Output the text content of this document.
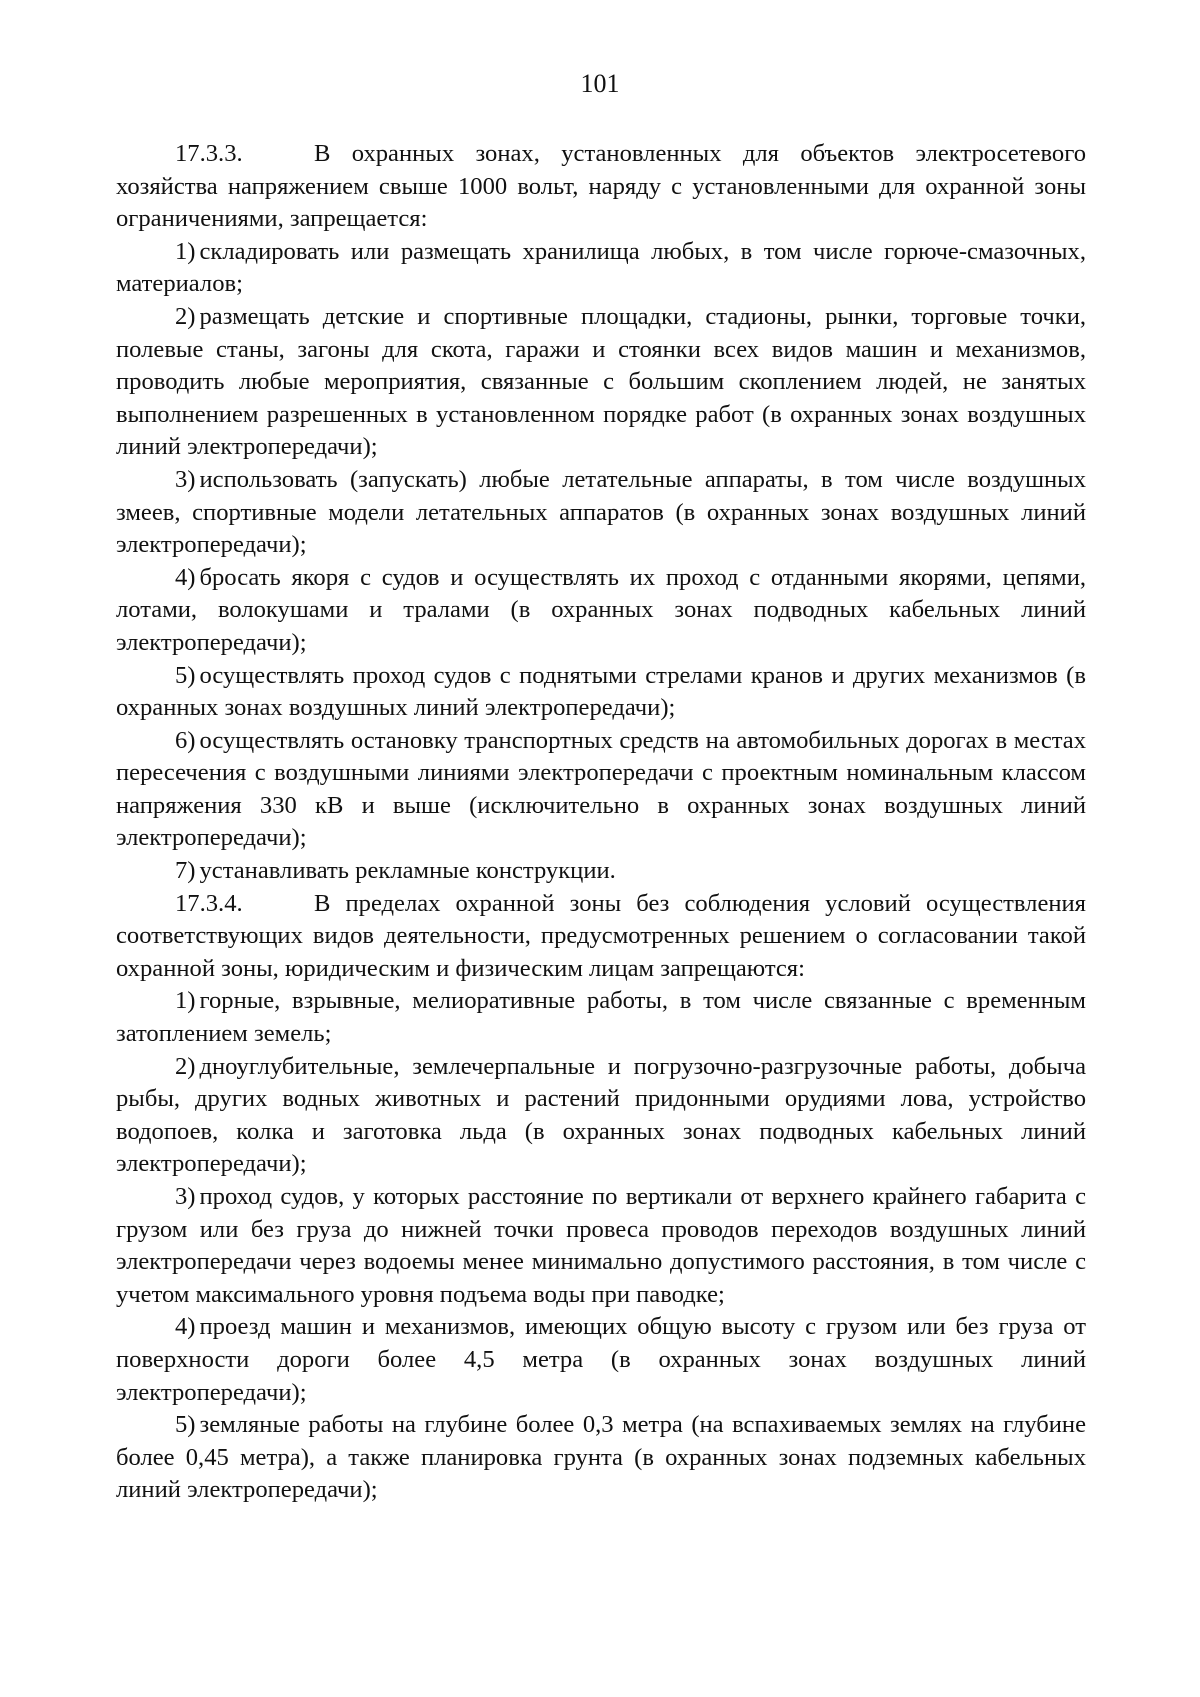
101

17.3.3.	В охранных зонах, установленных для объектов электросетевого хозяйства напряжением свыше 1000 вольт, наряду с установленными для охранной зоны ограничениями, запрещается:

1) складировать или размещать хранилища любых, в том числе горюче-смазочных, материалов;

2) размещать детские и спортивные площадки, стадионы, рынки, торговые точки, полевые станы, загоны для скота, гаражи и стоянки всех видов машин и механизмов, проводить любые мероприятия, связанные с большим скоплением людей, не занятых выполнением разрешенных в установленном порядке работ (в охранных зонах воздушных линий электропередачи);

3) использовать (запускать) любые летательные аппараты, в том числе воздушных змеев, спортивные модели летательных аппаратов (в охранных зонах воздушных линий электропередачи);

4) бросать якоря с судов и осуществлять их проход с отданными якорями, цепями, лотами, волокушами и тралами (в охранных зонах подводных кабельных линий электропередачи);

5) осуществлять проход судов с поднятыми стрелами кранов и других механизмов (в охранных зонах воздушных линий электропередачи);

6) осуществлять остановку транспортных средств на автомобильных дорогах в местах пересечения с воздушными линиями электропередачи с проектным номинальным классом напряжения 330 кВ и выше (исключительно в охранных зонах воздушных линий электропередачи);

7) устанавливать рекламные конструкции.

17.3.4.	В пределах охранной зоны без соблюдения условий осуществления соответствующих видов деятельности, предусмотренных решением о согласовании такой охранной зоны, юридическим и физическим лицам запрещаются:

1) горные, взрывные, мелиоративные работы, в том числе связанные с временным затоплением земель;

2) дноуглубительные, землечерпальные и погрузочно-разгрузочные работы, добыча рыбы, других водных животных и растений придонными орудиями лова, устройство водопоев, колка и заготовка льда (в охранных зонах подводных кабельных линий электропередачи);

3) проход судов, у которых расстояние по вертикали от верхнего крайнего габарита с грузом или без груза до нижней точки провеса проводов переходов воздушных линий электропередачи через водоемы менее минимально допустимого расстояния, в том числе с учетом максимального уровня подъема воды при паводке;

4) проезд машин и механизмов, имеющих общую высоту с грузом или без груза от поверхности дороги более 4,5 метра (в охранных зонах воздушных линий электропередачи);

5) земляные работы на глубине более 0,3 метра (на вспахиваемых землях на глубине более 0,45 метра), а также планировка грунта (в охранных зонах подземных кабельных линий электропередачи);
